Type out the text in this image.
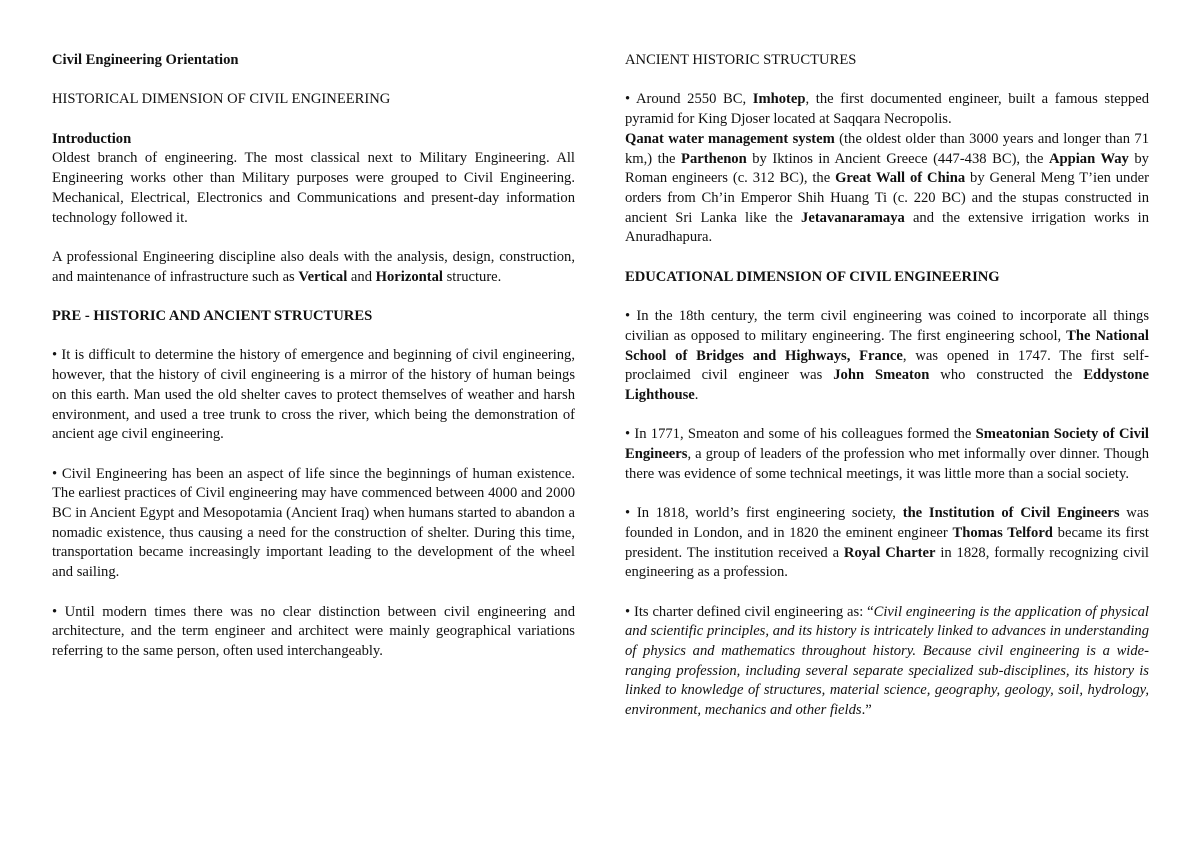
Civil Engineering Orientation

HISTORICAL DIMENSION OF CIVIL ENGINEERING

Introduction

Oldest branch of engineering. The most classical next to Military Engineering. All Engineering works other than Military purposes were grouped to Civil Engineering. Mechanical, Electrical, Electronics and Communications and present-day information technology followed it.

A professional Engineering discipline also deals with the analysis, design, construction, and maintenance of infrastructure such as Vertical and Horizontal structure.

PRE - HISTORIC AND ANCIENT STRUCTURES

• It is difficult to determine the history of emergence and beginning of civil engineering, however, that the history of civil engineering is a mirror of the history of human beings on this earth. Man used the old shelter caves to protect themselves of weather and harsh environment, and used a tree trunk to cross the river, which being the demonstration of ancient age civil engineering.

• Civil Engineering has been an aspect of life since the beginnings of human existence. The earliest practices of Civil engineering may have commenced between 4000 and 2000 BC in Ancient Egypt and Mesopotamia (Ancient Iraq) when humans started to abandon a nomadic existence, thus causing a need for the construction of shelter. During this time, transportation became increasingly important leading to the development of the wheel and sailing.

• Until modern times there was no clear distinction between civil engineering and architecture, and the term engineer and architect were mainly geographical variations referring to the same person, often used interchangeably.

ANCIENT HISTORIC STRUCTURES

• Around 2550 BC, Imhotep, the first documented engineer, built a famous stepped pyramid for King Djoser located at Saqqara Necropolis.
Qanat water management system (the oldest older than 3000 years and longer than 71 km,) the Parthenon by Iktinos in Ancient Greece (447-438 BC), the Appian Way by Roman engineers (c. 312 BC), the Great Wall of China by General Meng T’ien under orders from Ch’in Emperor Shih Huang Ti (c. 220 BC) and the stupas constructed in ancient Sri Lanka like the Jetavanaramaya and the extensive irrigation works in Anuradhapura.

EDUCATIONAL DIMENSION OF CIVIL ENGINEERING

• In the 18th century, the term civil engineering was coined to incorporate all things civilian as opposed to military engineering. The first engineering school, The National School of Bridges and Highways, France, was opened in 1747. The first self-proclaimed civil engineer was John Smeaton who constructed the Eddystone Lighthouse.

• In 1771, Smeaton and some of his colleagues formed the Smeatonian Society of Civil Engineers, a group of leaders of the profession who met informally over dinner. Though there was evidence of some technical meetings, it was little more than a social society.

• In 1818, world’s first engineering society, the Institution of Civil Engineers was founded in London, and in 1820 the eminent engineer Thomas Telford became its first president. The institution received a Royal Charter in 1828, formally recognizing civil engineering as a profession.

• Its charter defined civil engineering as: “Civil engineering is the application of physical and scientific principles, and its history is intricately linked to advances in understanding of physics and mathematics throughout history. Because civil engineering is a wide-ranging profession, including several separate specialized sub-disciplines, its history is linked to knowledge of structures, material science, geography, geology, soil, hydrology, environment, mechanics and other fields.”
